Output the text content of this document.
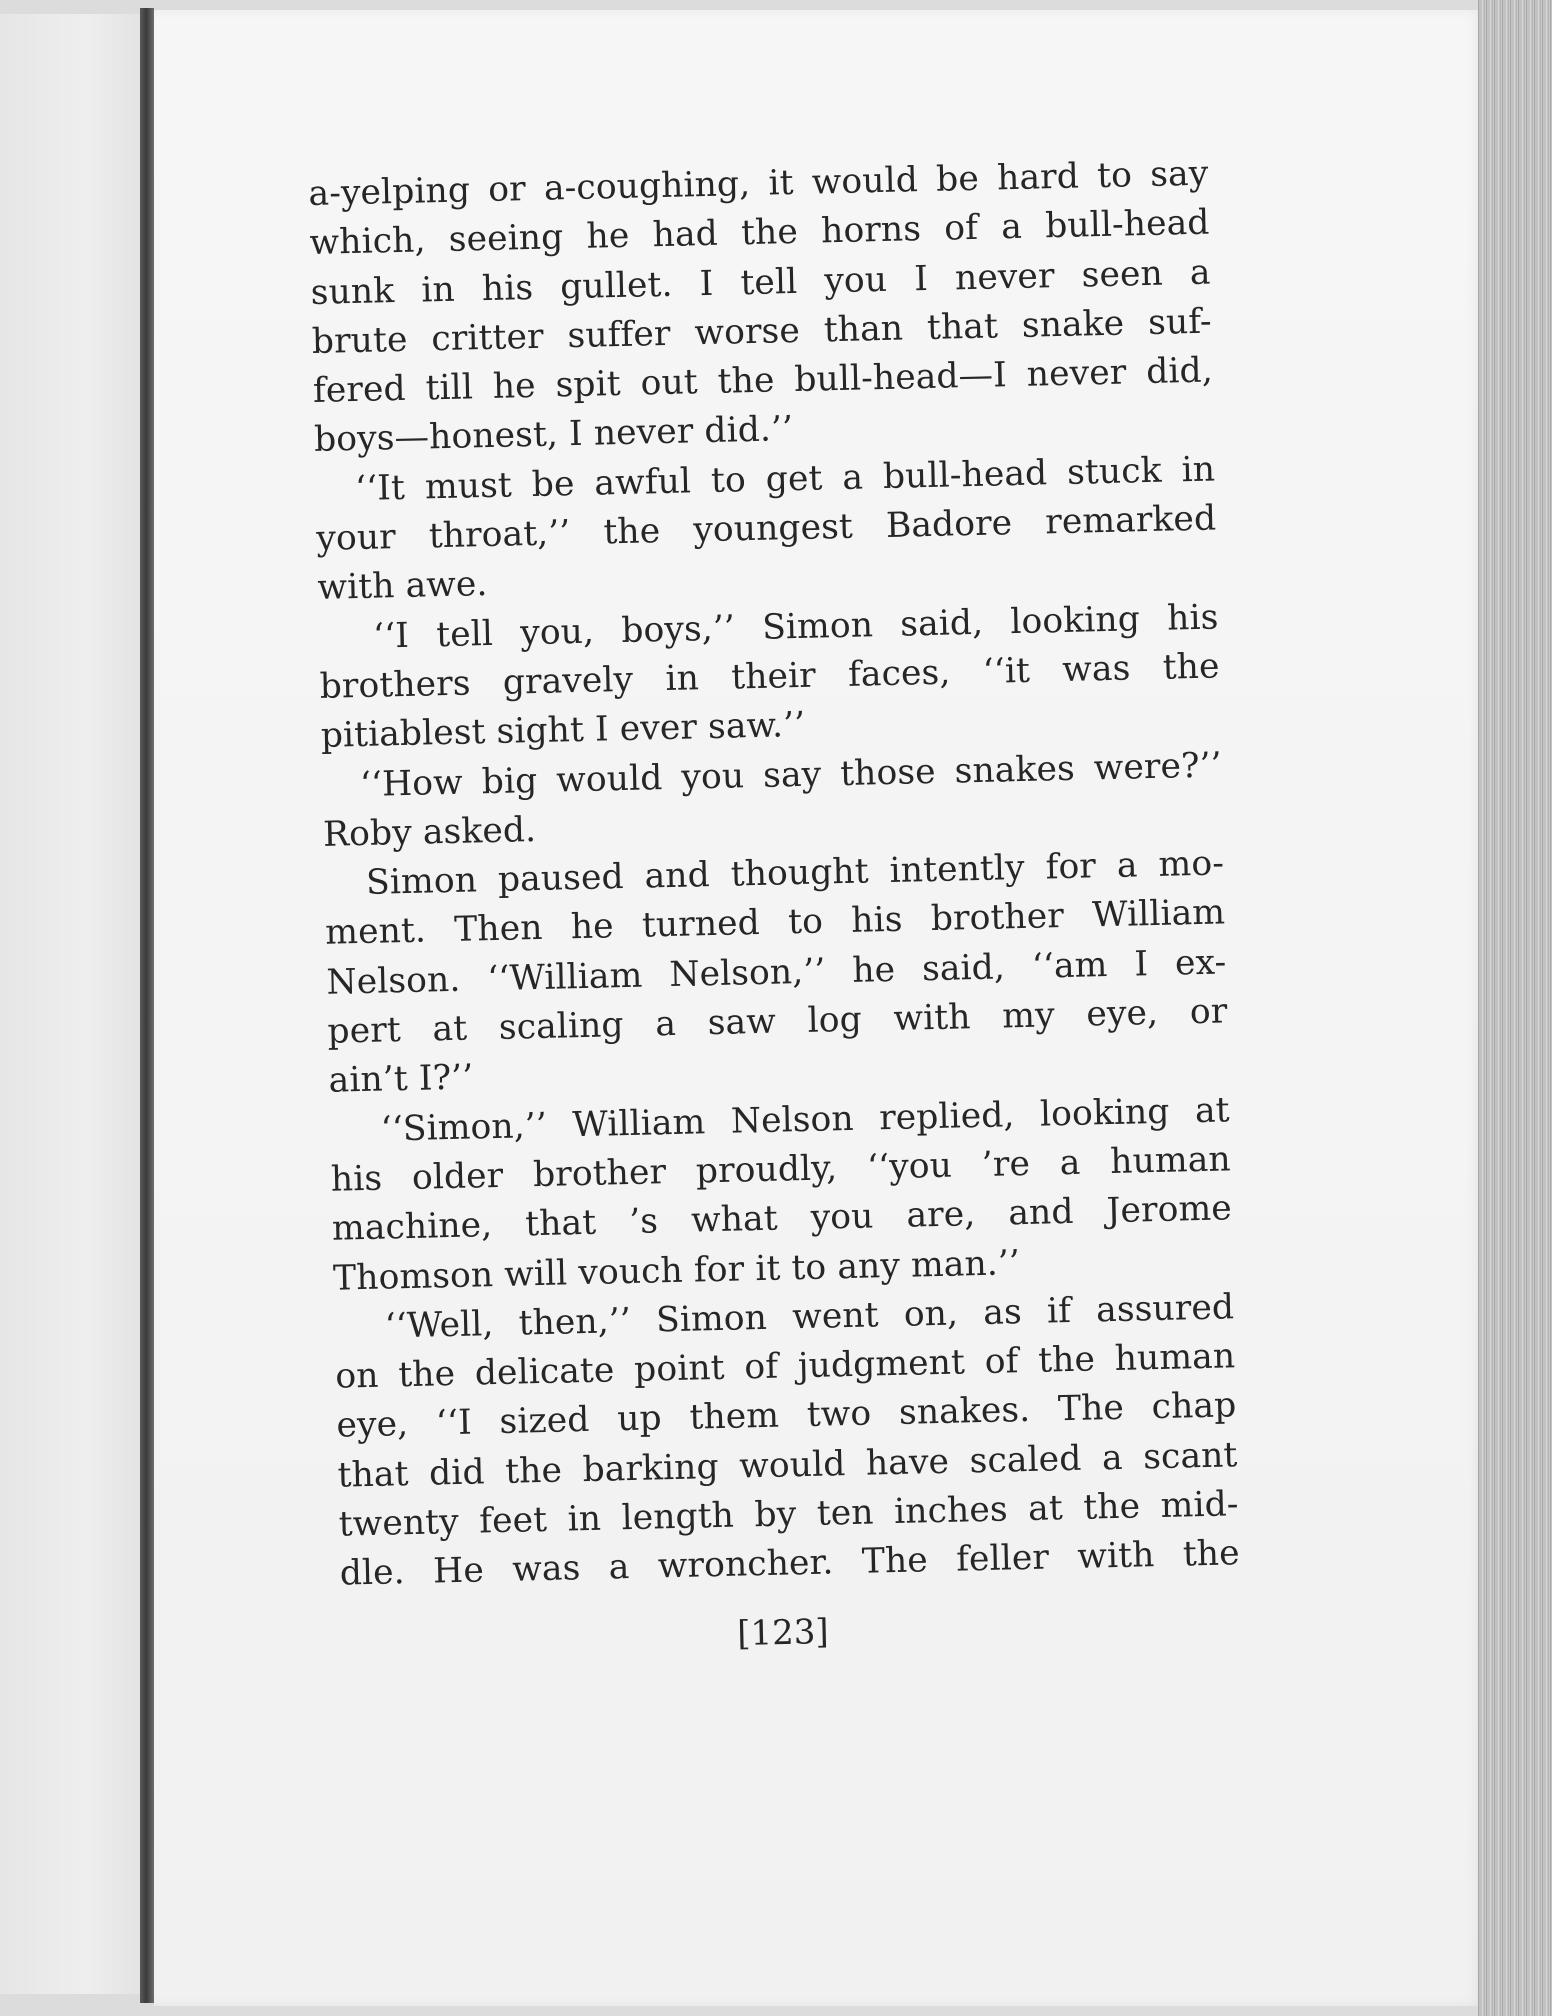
a-yelping or a-coughing, it would be hard to say
which, seeing he had the horns of a bull-head
sunk in his gullet. I tell you I never seen a
brute critter suffer worse than that snake suf-
fered till he spit out the bull-head—I never did,
boys—honest, I never did.’’
‘‘It must be awful to get a bull-head stuck in
your throat,’’ the youngest Badore remarked
with awe.
‘‘I tell you, boys,’’ Simon said, looking his
brothers gravely in their faces, ‘‘it was the
pitiablest sight I ever saw.’’
‘‘How big would you say those snakes were?’’
Roby asked.
Simon paused and thought intently for a mo-
ment. Then he turned to his brother William
Nelson. ‘‘William Nelson,’’ he said, ‘‘am I ex-
pert at scaling a saw log with my eye, or
ain’t I?’’
‘‘Simon,’’ William Nelson replied, looking at
his older brother proudly, ‘‘you ’re a human
machine, that ’s what you are, and Jerome
Thomson will vouch for it to any man.’’
‘‘Well, then,’’ Simon went on, as if assured
on the delicate point of judgment of the human
eye, ‘‘I sized up them two snakes. The chap
that did the barking would have scaled a scant
twenty feet in length by ten inches at the mid-
dle. He was a wroncher. The feller with the
[123]
